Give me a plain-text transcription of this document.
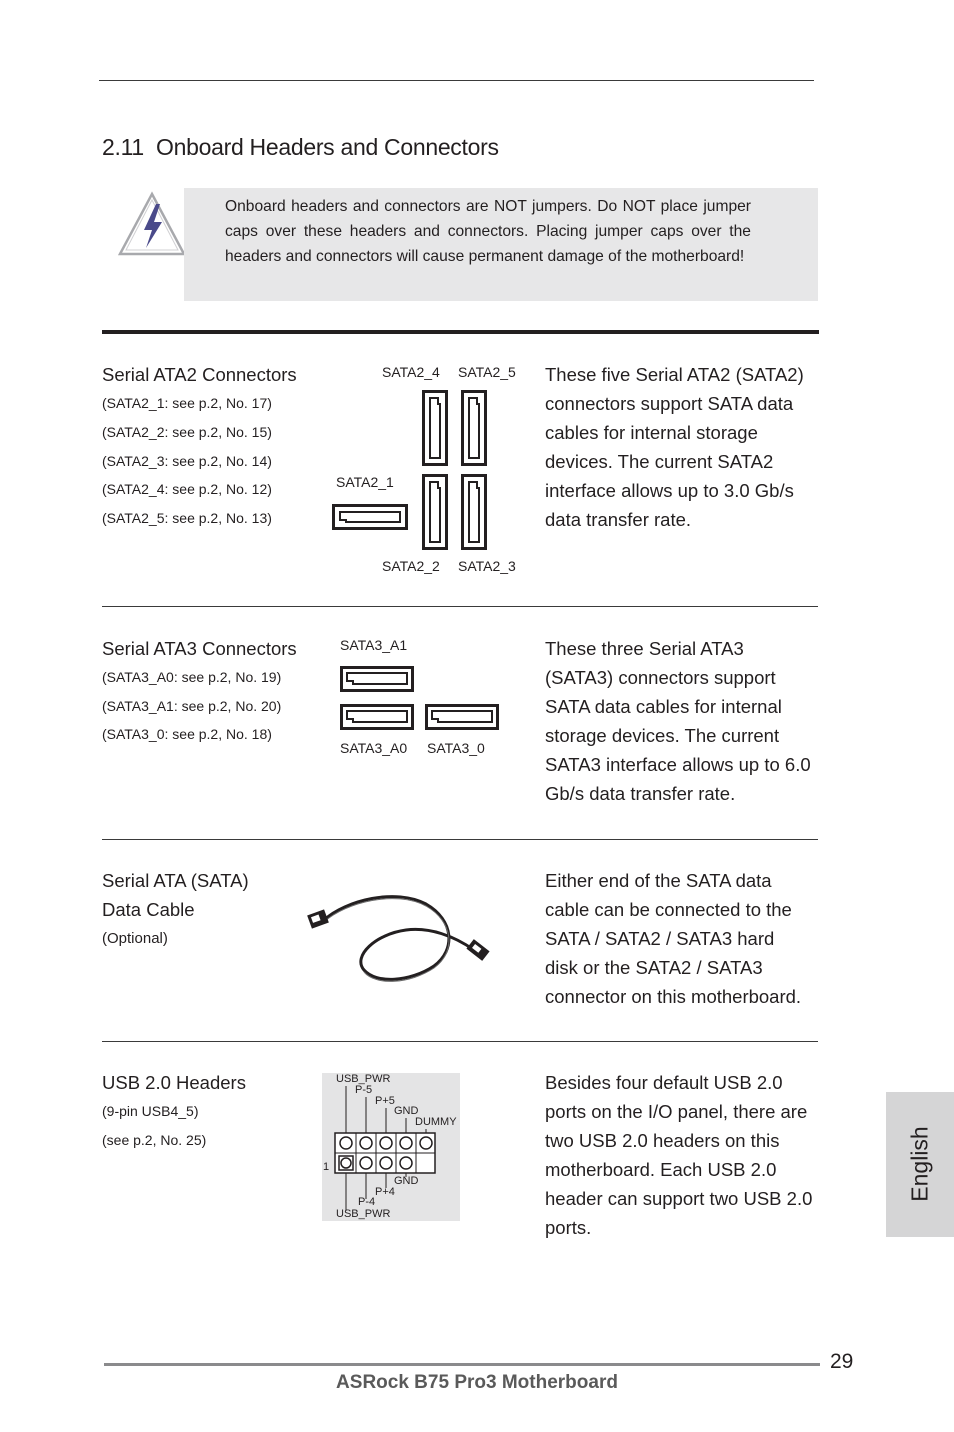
2.11 Onboard Headers and Connectors
Onboard headers and connectors are NOT jumpers. Do NOT place jumper caps over these headers and connectors. Placing jumper caps over the headers and connectors will cause permanent damage of the motherboard!
Serial ATA2 Connectors
(SATA2_1: see p.2, No. 17)
(SATA2_2: see p.2, No. 15)
(SATA2_3: see p.2, No. 14)
(SATA2_4: see p.2, No. 12)
(SATA2_5: see p.2, No. 13)
SATA2_4 SATA2_5
SATA2_1
SATA2_2 SATA2_3
These five Serial ATA2 (SATA2)
connectors support SATA data
cables for internal storage
devices. The current SATA2
interface allows up to 3.0 Gb/s
data transfer rate.
Serial ATA3 Connectors
(SATA3_A0: see p.2, No. 19)
(SATA3_A1: see p.2, No. 20)
(SATA3_0: see p.2, No. 18)
SATA3_A1
SATA3_A0 SATA3_0
These three Serial ATA3
(SATA3) connectors support
SATA data cables for internal
storage devices. The current
SATA3 interface allows up to 6.0
Gb/s data transfer rate.
Serial ATA (SATA)
Data Cable
(Optional)
Either end of the SATA data
cable can be connected to the
SATA / SATA2 / SATA3 hard
disk or the SATA2 / SATA3
connector on this motherboard.
USB 2.0 Headers
(9-pin USB4_5)
(see p.2, No. 25)
USB_PWR
P-5
P+5
GND
DUMMY
1
P+4
GND
P-4
USB_PWR
Besides four default USB 2.0
ports on the I/O panel, there are
two USB 2.0 headers on this
motherboard. Each USB 2.0
header can support two USB 2.0
ports.
English
29
ASRock B75 Pro3 Motherboard
